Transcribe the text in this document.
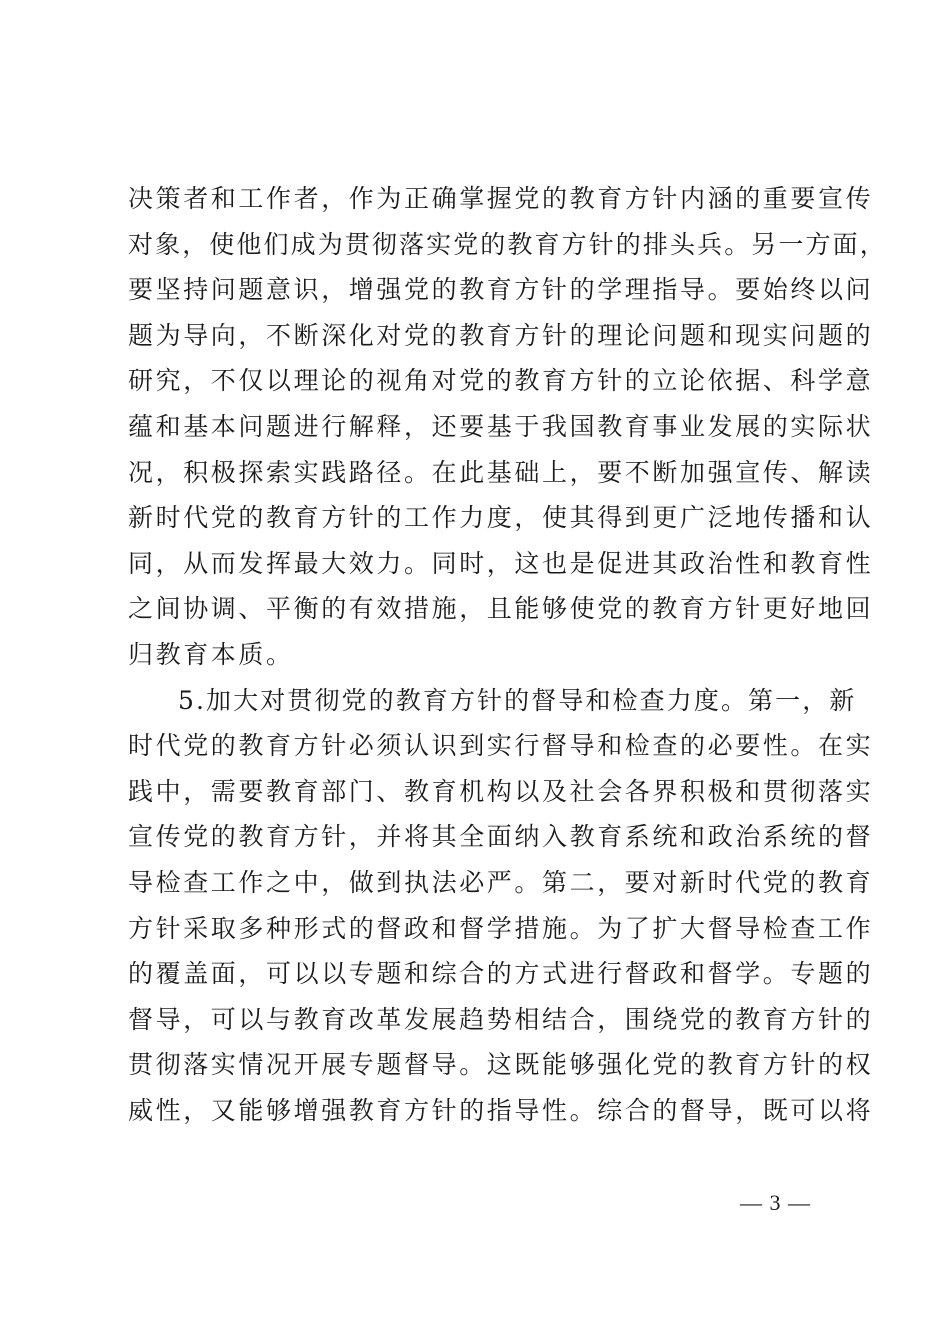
决策者和工作者，作为正确掌握党的教育方针内涵的重要宣传
对象，使他们成为贯彻落实党的教育方针的排头兵。另一方面，
要坚持问题意识，增强党的教育方针的学理指导。要始终以问
题为导向，不断深化对党的教育方针的理论问题和现实问题的
研究，不仅以理论的视角对党的教育方针的立论依据、科学意
蕴和基本问题进行解释，还要基于我国教育事业发展的实际状
况，积极探索实践路径。在此基础上，要不断加强宣传、解读
新时代党的教育方针的工作力度，使其得到更广泛地传播和认
同，从而发挥最大效力。同时，这也是促进其政治性和教育性
之间协调、平衡的有效措施，且能够使党的教育方针更好地回
归教育本质。
5.加大对贯彻党的教育方针的督导和检查力度。第一，新
时代党的教育方针必须认识到实行督导和检查的必要性。在实
践中，需要教育部门、教育机构以及社会各界积极和贯彻落实
宣传党的教育方针，并将其全面纳入教育系统和政治系统的督
导检查工作之中，做到执法必严。第二，要对新时代党的教育
方针采取多种形式的督政和督学措施。为了扩大督导检查工作
的覆盖面，可以以专题和综合的方式进行督政和督学。专题的
督导，可以与教育改革发展趋势相结合，围绕党的教育方针的
贯彻落实情况开展专题督导。这既能够强化党的教育方针的权
威性，又能够增强教育方针的指导性。综合的督导，既可以将
— 3 —
